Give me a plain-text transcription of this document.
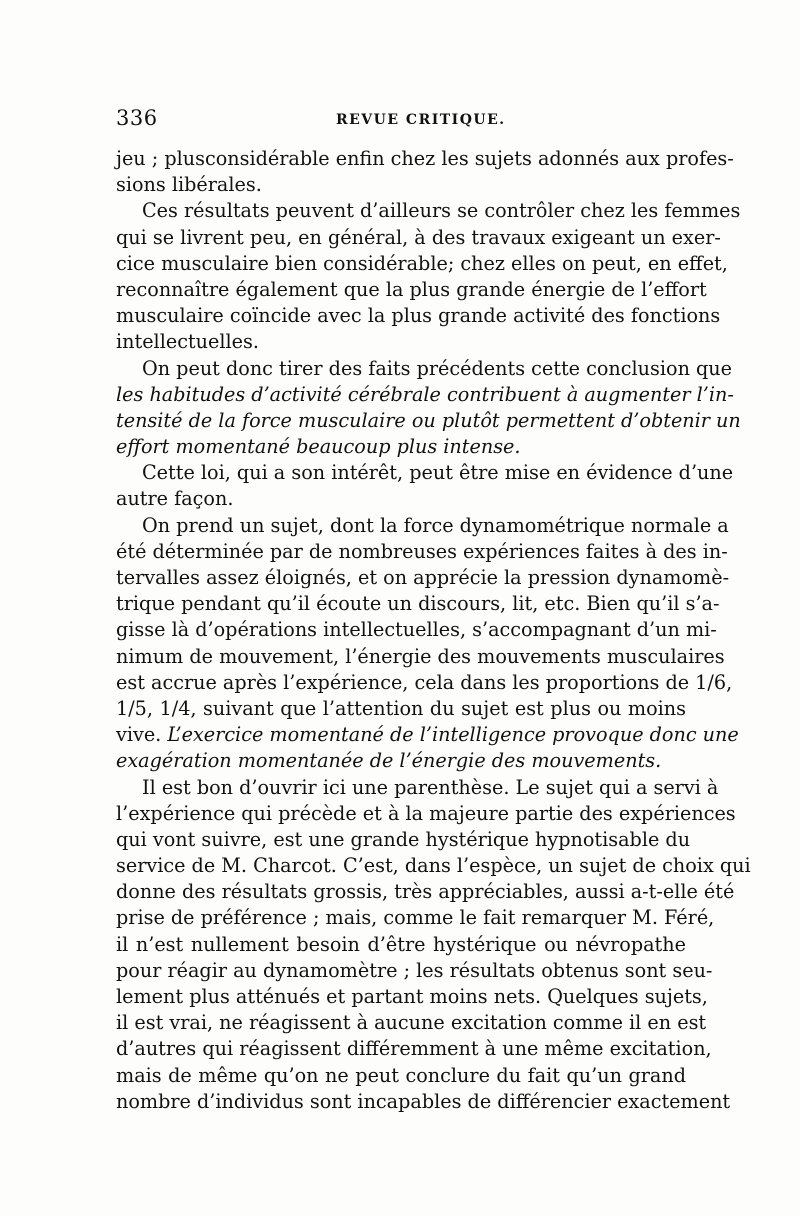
336	REVUE CRITIQUE.
jeu ; plusconsidérable enfin chez les sujets adonnés aux profes-
sions libérales.
Ces résultats peuvent d’ailleurs se contrôler chez les femmes
qui se livrent peu, en général, à des travaux exigeant un exer-
cice musculaire bien considérable; chez elles on peut, en effet,
reconnaître également que la plus grande énergie de l’effort
musculaire coïncide avec la plus grande activité des fonctions
intellectuelles.
On peut donc tirer des faits précédents cette conclusion que
les habitudes d’activité cérébrale contribuent à augmenter l’in-
tensité de la force musculaire ou plutôt permettent d’obtenir un
effort momentané beaucoup plus intense.
Cette loi, qui a son intérêt, peut être mise en évidence d’une
autre façon.
On prend un sujet, dont la force dynamométrique normale a
été déterminée par de nombreuses expériences faites à des in-
tervalles assez éloignés, et on apprécie la pression dynamomè-
trique pendant qu’il écoute un discours, lit, etc. Bien qu’il s’a-
gisse là d’opérations intellectuelles, s’accompagnant d’un mi-
nimum de mouvement, l’énergie des mouvements musculaires
est accrue après l’expérience, cela dans les proportions de 1/6,
1/5, 1/4, suivant que l’attention du sujet est plus ou moins
vive. L’exercice momentané de l’intelligence provoque donc une
exagération momentanée de l’énergie des mouvements.
Il est bon d’ouvrir ici une parenthèse. Le sujet qui a servi à
l’expérience qui précède et à la majeure partie des expériences
qui vont suivre, est une grande hystérique hypnotisable du
service de M. Charcot. C’est, dans l’espèce, un sujet de choix qui
donne des résultats grossis, très appréciables, aussi a-t-elle été
prise de préférence ; mais, comme le fait remarquer M. Féré,
il n’est nullement besoin d’être hystérique ou névropathe
pour réagir au dynamomètre ; les résultats obtenus sont seu-
lement plus atténués et partant moins nets. Quelques sujets,
il est vrai, ne réagissent à aucune excitation comme il en est
d’autres qui réagissent différemment à une même excitation,
mais de même qu’on ne peut conclure du fait qu’un grand
nombre d’individus sont incapables de différencier exactement
